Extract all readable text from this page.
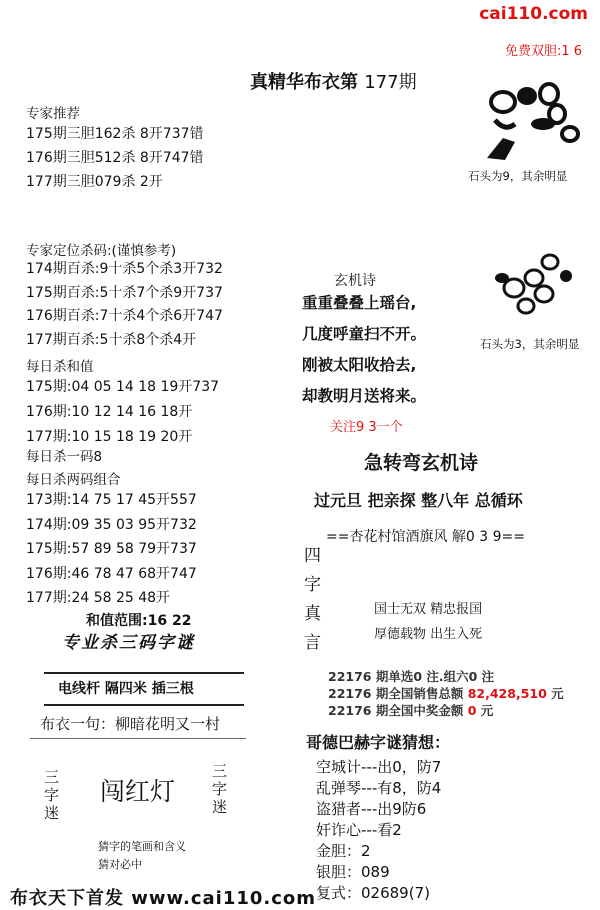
cai110.com
免费双胆:1 6
真精华布衣第 177期
专家推荐
175期三胆162杀 8开737错
176期三胆512杀 8开747错
177期三胆079杀 2开	石头为9，其余明显
专家定位杀码:(谨慎参考)
174期百杀:9十杀5个杀3开732
175期百杀:5十杀7个杀9开737
176期百杀:7十杀4个杀6开747
177期百杀:5十杀8个杀4开
每日杀和值
175期:04 05 14 18 19开737
176期:10 12 14 16 18开
177期:10 15 18 19 20开
每日杀一码8
每日杀两码组合
173期:14 75 17 45开557
174期:09 35 03 95开732
175期:57 89 58 79开737
176期:46 78 47 68开747
177期:24 58 25 48开
和值范围:16 22
专业杀三码字谜
电线杆 隔四米 插三根
布衣一句：柳暗花明又一村
三字迷
闯红灯
三字迷
猜字的笔画和含义
猜对必中
玄机诗
重重叠叠上瑶台,
几度呼童扫不开。
刚被太阳收拾去,
却教明月送将来。
关注9 3一个
石头为3，其余明显
急转弯玄机诗
过元旦 把亲探 整八年 总循环
==杏花村馆酒旗风 解0 3 9==
四字真言
国士无双 精忠报国
厚德载物 出生入死
22176 期单选0 注.组六0 注
22176 期全国销售总额 82,428,510 元
22176 期全国中奖金额 0 元
哥德巴赫字谜猜想：
空城计---出0，防7
乱弹琴---有8，防4
盗猎者---出9防6
奸诈心---看2
金胆：2
银胆：089
复式：02689(7)
布衣天下首发 www.cai110.com
